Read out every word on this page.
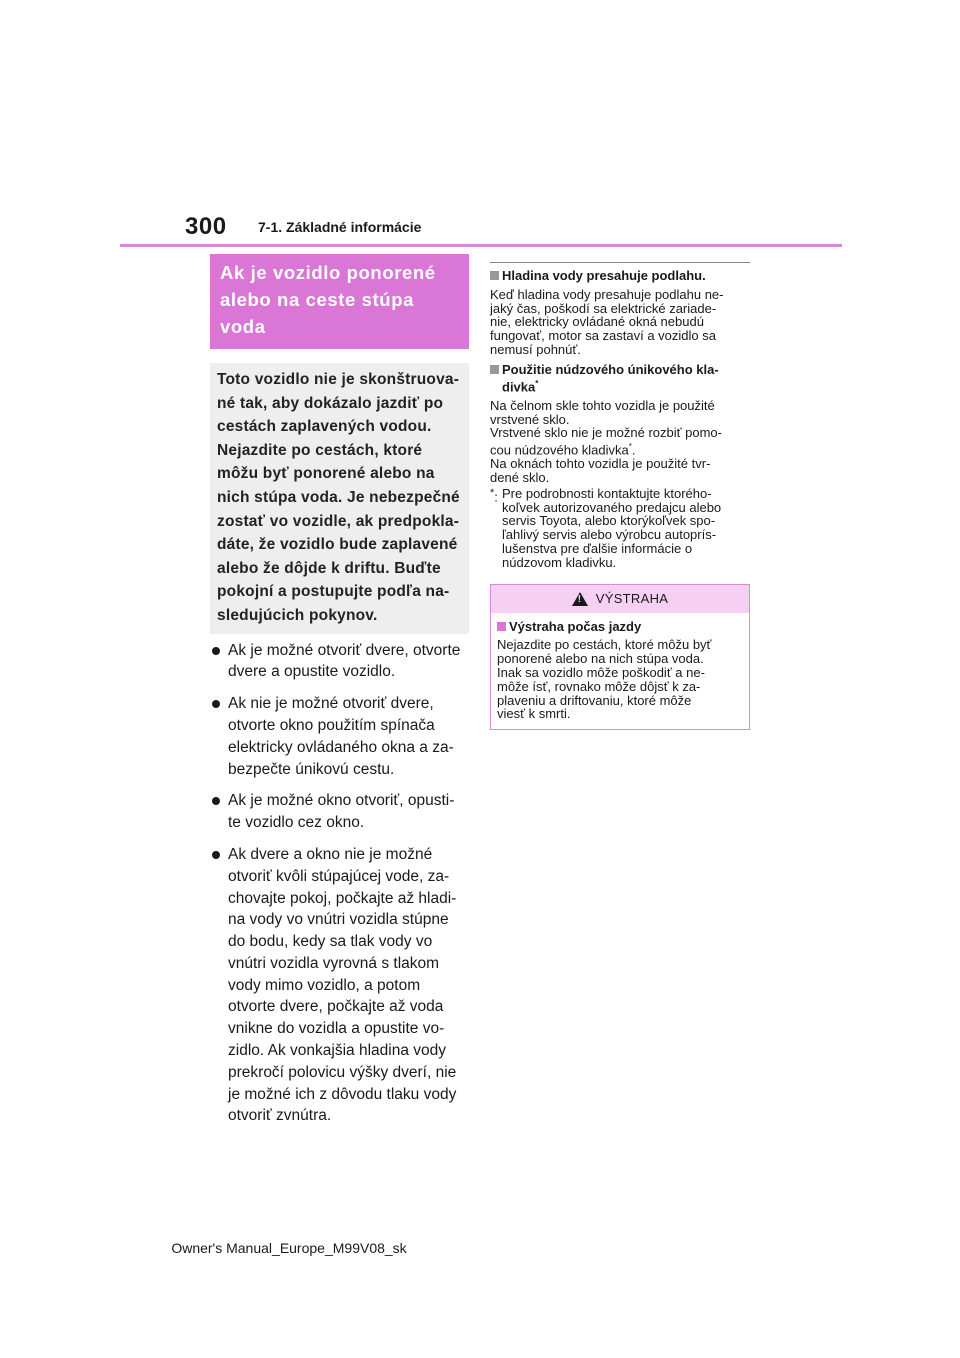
300 7-1. Základné informácie
Ak je vozidlo ponorené
alebo na ceste stúpa
voda

Toto vozidlo nie je skonštruova-

né tak, aby dokázalo jazdiť po

cestách zaplavených vodou.

Nejazdite po cestách, ktoré

môžu byť ponorené alebo na

nich stúpa voda. Je nebezpečné

zostať vo vozidle, ak predpokla-

dáte, že vozidlo bude zaplavené

alebo že dôjde k driftu. Buďte

pokojní a postupujte podľa na-

sledujúcich pokynov.

Ak je možné otvoriť dvere, otvorte
dvere a opustite vozidlo.
Ak nie je možné otvoriť dvere,
otvorte okno použitím spínača
elektricky ovládaného okna a za-
bezpečte únikovú cestu.
Ak je možné okno otvoriť, opusti-
te vozidlo cez okno.
Ak dvere a okno nie je možné
otvoriť kvôli stúpajúcej vode, za-
chovajte pokoj, počkajte až hladi-
na vody vo vnútri vozidla stúpne
do bodu, kedy sa tlak vody vo
vnútri vozidla vyrovná s tlakom
vody mimo vozidlo, a potom
otvorte dvere, počkajte až voda
vnikne do vozidla a opustite vo-
zidlo. Ak vonkajšia hladina vody
prekročí polovicu výšky dverí, nie
je možné ich z dôvodu tlaku vody
otvoriť zvnútra.
Hladina vody presahuje podlahu.
Keď hladina vody presahuje podlahu ne-
jaký čas, poškodí sa elektrické zariade-
nie, elektricky ovládané okná nebudú
fungovať, motor sa zastaví a vozidlo sa
nemusí pohnúť.
Použitie núdzového únikového kla-
divka*
Na čelnom skle tohto vozidla je použité
vrstvené sklo.
Vrstvené sklo nie je možné rozbiť pomo-
cou núdzového kladivka*.
Na oknách tohto vozidla je použité tvr-
dené sklo.
*: Pre podrobnosti kontaktujte ktorého- koľvek autorizovaného predajcu alebo servis Toyota, alebo ktorýkoľvek spo- ľahlivý servis alebo výrobcu autoprís- lušenstva pre ďalšie informácie o núdzovom kladivku.
!
VÝSTRAHA
Výstraha počas jazdy
Nejazdite po cestách, ktoré môžu byť
ponorené alebo na nich stúpa voda.
Inak sa vozidlo môže poškodiť a ne-
môže ísť, rovnako môže dôjsť k za-
plaveniu a driftovaniu, ktoré môže
viesť k smrti.
Owner's Manual_Europe_M99V08_sk
